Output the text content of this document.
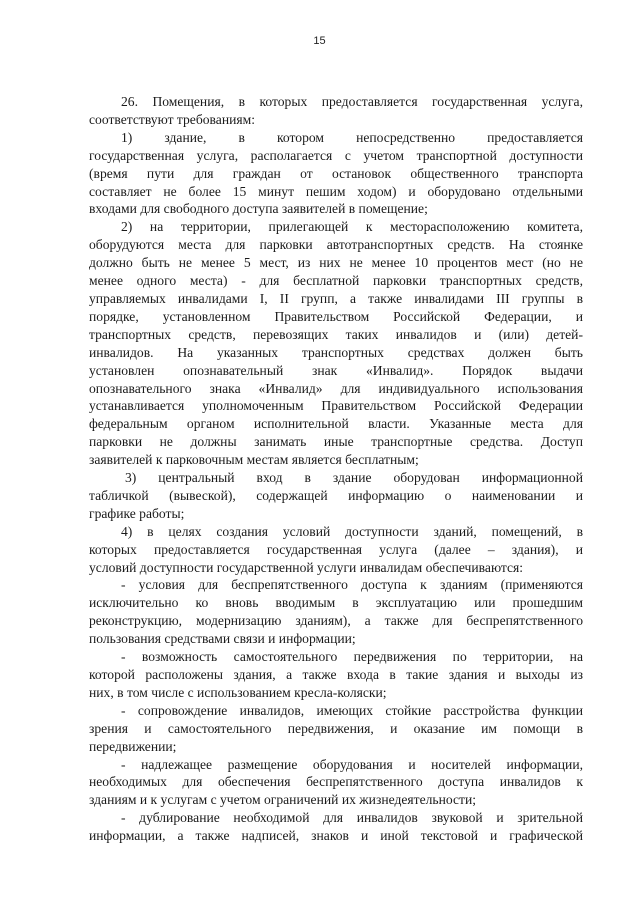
15
26. Помещения, в которых предоставляется государственная услуга,
соответствуют требованиям:
1) здание, в котором непосредственно предоставляется
государственная услуга, располагается с учетом транспортной доступности
(время пути для граждан от остановок общественного транспорта
составляет не более 15 минут пешим ходом) и оборудовано отдельными
входами для свободного доступа заявителей в помещение;
2) на территории, прилегающей к месторасположению комитета,
оборудуются места для парковки автотранспортных средств. На стоянке
должно быть не менее 5 мест, из них не менее 10 процентов мест (но не
менее одного места) - для бесплатной парковки транспортных средств,
управляемых инвалидами I, II групп, а также инвалидами III группы в
порядке, установленном Правительством Российской Федерации, и
транспортных средств, перевозящих таких инвалидов и (или) детей-
инвалидов. На указанных транспортных средствах должен быть
установлен опознавательный знак «Инвалид». Порядок выдачи
опознавательного знака «Инвалид» для индивидуального использования
устанавливается уполномоченным Правительством Российской Федерации
федеральным органом исполнительной власти. Указанные места для
парковки не должны занимать иные транспортные средства. Доступ
заявителей к парковочным местам является бесплатным;
3) центральный вход в здание оборудован информационной
табличкой (вывеской), содержащей информацию о наименовании и
графике работы;
4) в целях создания условий доступности зданий, помещений, в
которых предоставляется государственная услуга (далее – здания), и
условий доступности государственной услуги инвалидам обеспечиваются:
- условия для беспрепятственного доступа к зданиям (применяются
исключительно ко вновь вводимым в эксплуатацию или прошедшим
реконструкцию, модернизацию зданиям), а также для беспрепятственного
пользования средствами связи и информации;
- возможность самостоятельного передвижения по территории, на
которой расположены здания, а также входа в такие здания и выходы из
них, в том числе с использованием кресла-коляски;
- сопровождение инвалидов, имеющих стойкие расстройства функции
зрения и самостоятельного передвижения, и оказание им помощи в
передвижении;
- надлежащее размещение оборудования и носителей информации,
необходимых для обеспечения беспрепятственного доступа инвалидов к
зданиям и к услугам с учетом ограничений их жизнедеятельности;
- дублирование необходимой для инвалидов звуковой и зрительной
информации, а также надписей, знаков и иной текстовой и графической
